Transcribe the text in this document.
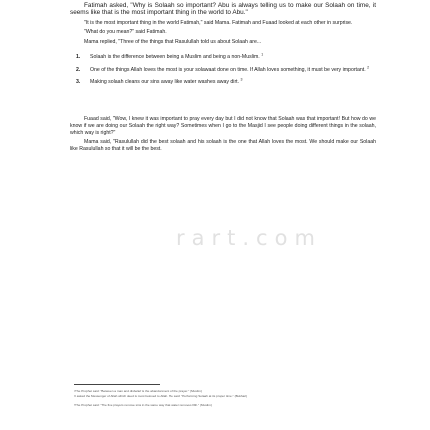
Fatimah asked, "Why is Solaah so important? Abu is always telling us to make our Solaah on time, it seems like that is the most important thing in the world to Abu."

"It is the most important thing in the world Fatimah," said Mama. Fatimah and Fuaad looked at each other in surprise.

"What do you mean?" said Fatimah.

Mama replied, "Three of the things that Rasulullah told us about Solaah are...

1. Solaah is the difference between being a Muslim and being a non-Muslim. $^1$
2. One of the things Allah loves the most is your solawaat done on time. If Allah loves something, it must be very important. $^2$
3. Making solaah cleans our sins away like water washes away dirt. $^3$

Fuaad said, "Wow, I knew it was important to pray every day but I did not know that Solaah was that important! But how do we know if we are doing our Solaah the right way? Sometimes when I go to the Masjid I see people doing different things in the solaah, which way is right?"

Mama said, "Rasulullah did the best solaah and his solaah is the one that Allah loves the most. We should make our Solaah like Rasulullah so that it will be the best.

rart.com
¹The Prophet said: "Between a man and disbelief is the abandonment of the prayer." (Muslim)
²I asked the Messenger of Allah which deed is most beloved to Allah. He said: "Performing Solaah at its proper time." (Bukhari)
³The Prophet said: "The five prayers remove sins in the same way that water removes filth." (Muslim)
